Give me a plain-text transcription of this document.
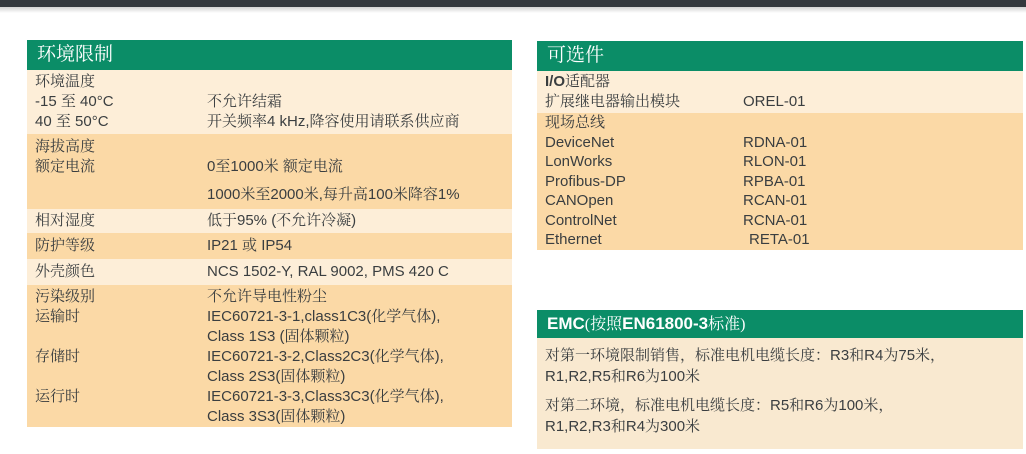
环境限制
环境温度
-15 至 40°C	不允许结霜
40 至 50°C	开关频率4 kHz,降容使用请联系供应商
海拔高度
额定电流	0至1000米 额定电流
1000米至2000米,每升高100米降容1%
相对湿度	低于95% (不允许冷凝)
防护等级	IP21 或 IP54
外壳颜色	NCS 1502-Y, RAL 9002, PMS 420 C
污染级别	不允许导电性粉尘
运输时	IEC60721-3-1,class1C3(化学气体),
Class 1S3 (固体颗粒)
存储时	IEC60721-3-2,Class2C3(化学气体),
Class 2S3(固体颗粒)
运行时	IEC60721-3-3,Class3C3(化学气体),
Class 3S3(固体颗粒)
可选件
I/O适配器
扩展继电器输出模块	OREL-01
现场总线
DeviceNet	RDNA-01
LonWorks	RLON-01
Profibus-DP	RPBA-01
CANOpen	RCAN-01
ControlNet	RCNA-01
Ethernet	RETA-01
EMC(按照EN61800-3标准)
对第一环境限制销售，标准电机电缆长度：R3和R4为75米，
R1,R2,R5和R6为100米
对第二环境，标准电机电缆长度：R5和R6为100米，
R1,R2,R3和R4为300米
